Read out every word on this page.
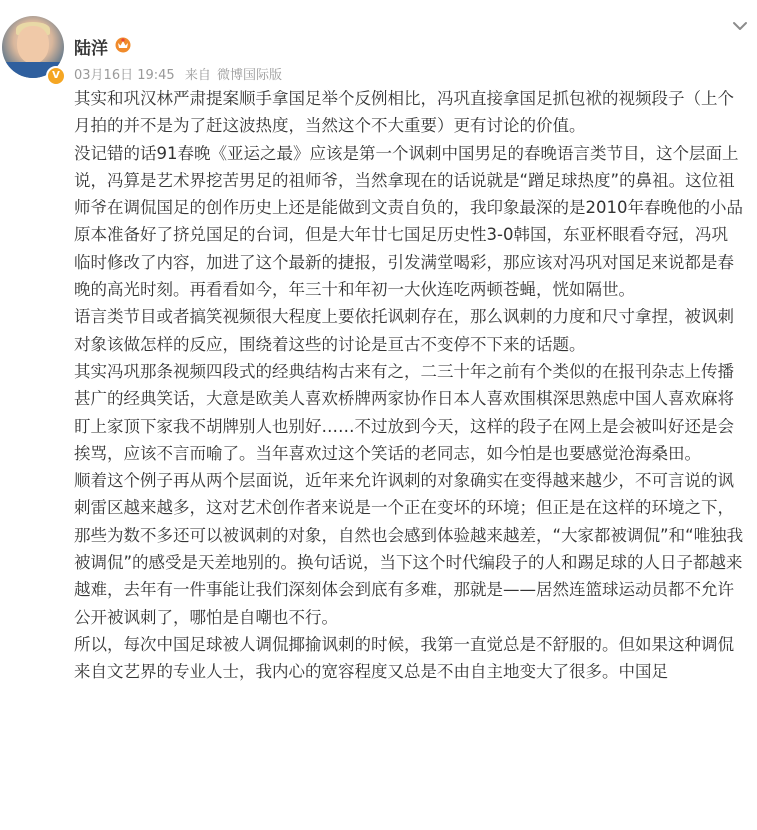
V
陆洋
03月16日 19:45 来自 微博国际版

其实和巩汉林严肃提案顺手拿国足举个反例相比，冯巩直接拿国足抓包袱的视频段子（上个月拍的并不是为了赶这波热度，当然这个不大重要）更有讨论的价值。

没记错的话91春晚《亚运之最》应该是第一个讽刺中国男足的春晚语言类节目，这个层面上说，冯算是艺术界挖苦男足的祖师爷，当然拿现在的话说就是“蹭足球热度”的鼻祖。这位祖师爷在调侃国足的创作历史上还是能做到文责自负的，我印象最深的是2010年春晚他的小品原本准备好了挤兑国足的台词，但是大年廿七国足历史性3-0韩国，东亚杯眼看夺冠，冯巩临时修改了内容，加进了这个最新的捷报，引发满堂喝彩，那应该对冯巩对国足来说都是春晚的高光时刻。再看看如今，年三十和年初一大伙连吃两顿苍蝇，恍如隔世。

语言类节目或者搞笑视频很大程度上要依托讽刺存在，那么讽刺的力度和尺寸拿捏，被讽刺对象该做怎样的反应，围绕着这些的讨论是亘古不变停不下来的话题。

其实冯巩那条视频四段式的经典结构古来有之，二三十年之前有个类似的在报刊杂志上传播甚广的经典笑话，大意是欧美人喜欢桥牌两家协作日本人喜欢围棋深思熟虑中国人喜欢麻将盯上家顶下家我不胡牌别人也别好……不过放到今天，这样的段子在网上是会被叫好还是会挨骂，应该不言而喻了。当年喜欢过这个笑话的老同志，如今怕是也要感觉沧海桑田。

顺着这个例子再从两个层面说，近年来允许讽刺的对象确实在变得越来越少，不可言说的讽刺雷区越来越多，这对艺术创作者来说是一个正在变坏的环境；但正是在这样的环境之下，那些为数不多还可以被讽刺的对象，自然也会感到体验越来越差，“大家都被调侃”和“唯独我被调侃”的感受是天差地别的。换句话说，当下这个时代编段子的人和踢足球的人日子都越来越难，去年有一件事能让我们深刻体会到底有多难，那就是——居然连篮球运动员都不允许公开被讽刺了，哪怕是自嘲也不行。

所以，每次中国足球被人调侃揶揄讽刺的时候，我第一直觉总是不舒服的。但如果这种调侃来自文艺界的专业人士，我内心的宽容程度又总是不由自主地变大了很多。中国足
